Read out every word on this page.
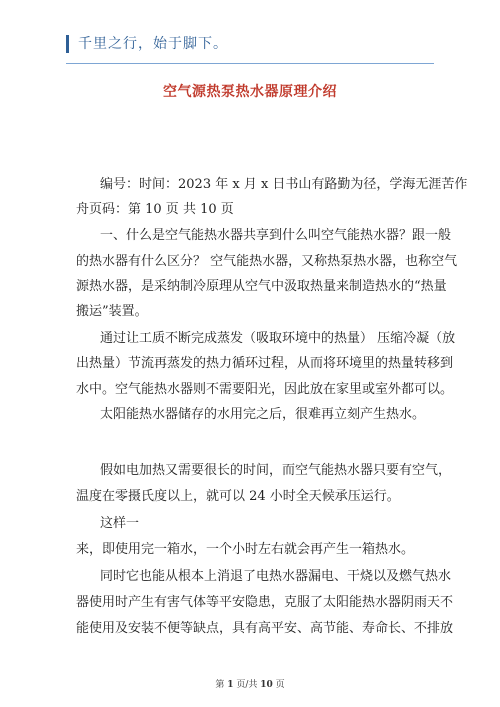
千里之行，始于脚下。
空气源热泵热水器原理介绍
编号：时间：2023 年 x 月 x 日书山有路勤为径，学海无涯苦作
舟页码：第 10 页 共 10 页
一、什么是空气能热水器共享到什么叫空气能热水器？跟一般
的热水器有什么区分？ 空气能热水器，又称热泵热水器，也称空气
源热水器，是采纳制冷原理从空气中汲取热量来制造热水的“热量
搬运”装置。
通过让工质不断完成蒸发（吸取环境中的热量） 压缩冷凝（放
出热量）节流再蒸发的热力循环过程，从而将环境里的热量转移到
水中。空气能热水器则不需要阳光，因此放在家里或室外都可以。
太阳能热水器储存的水用完之后，很难再立刻产生热水。
假如电加热又需要很长的时间，而空气能热水器只要有空气，
温度在零摄氏度以上，就可以 24 小时全天候承压运行。
这样一
来，即使用完一箱水，一个小时左右就会再产生一箱热水。
同时它也能从根本上消退了电热水器漏电、干烧以及燃气热水
器使用时产生有害气体等平安隐患，克服了太阳能热水器阴雨天不
能使用及安装不便等缺点，具有高平安、高节能、寿命长、不排放
第 1 页/共 10 页
